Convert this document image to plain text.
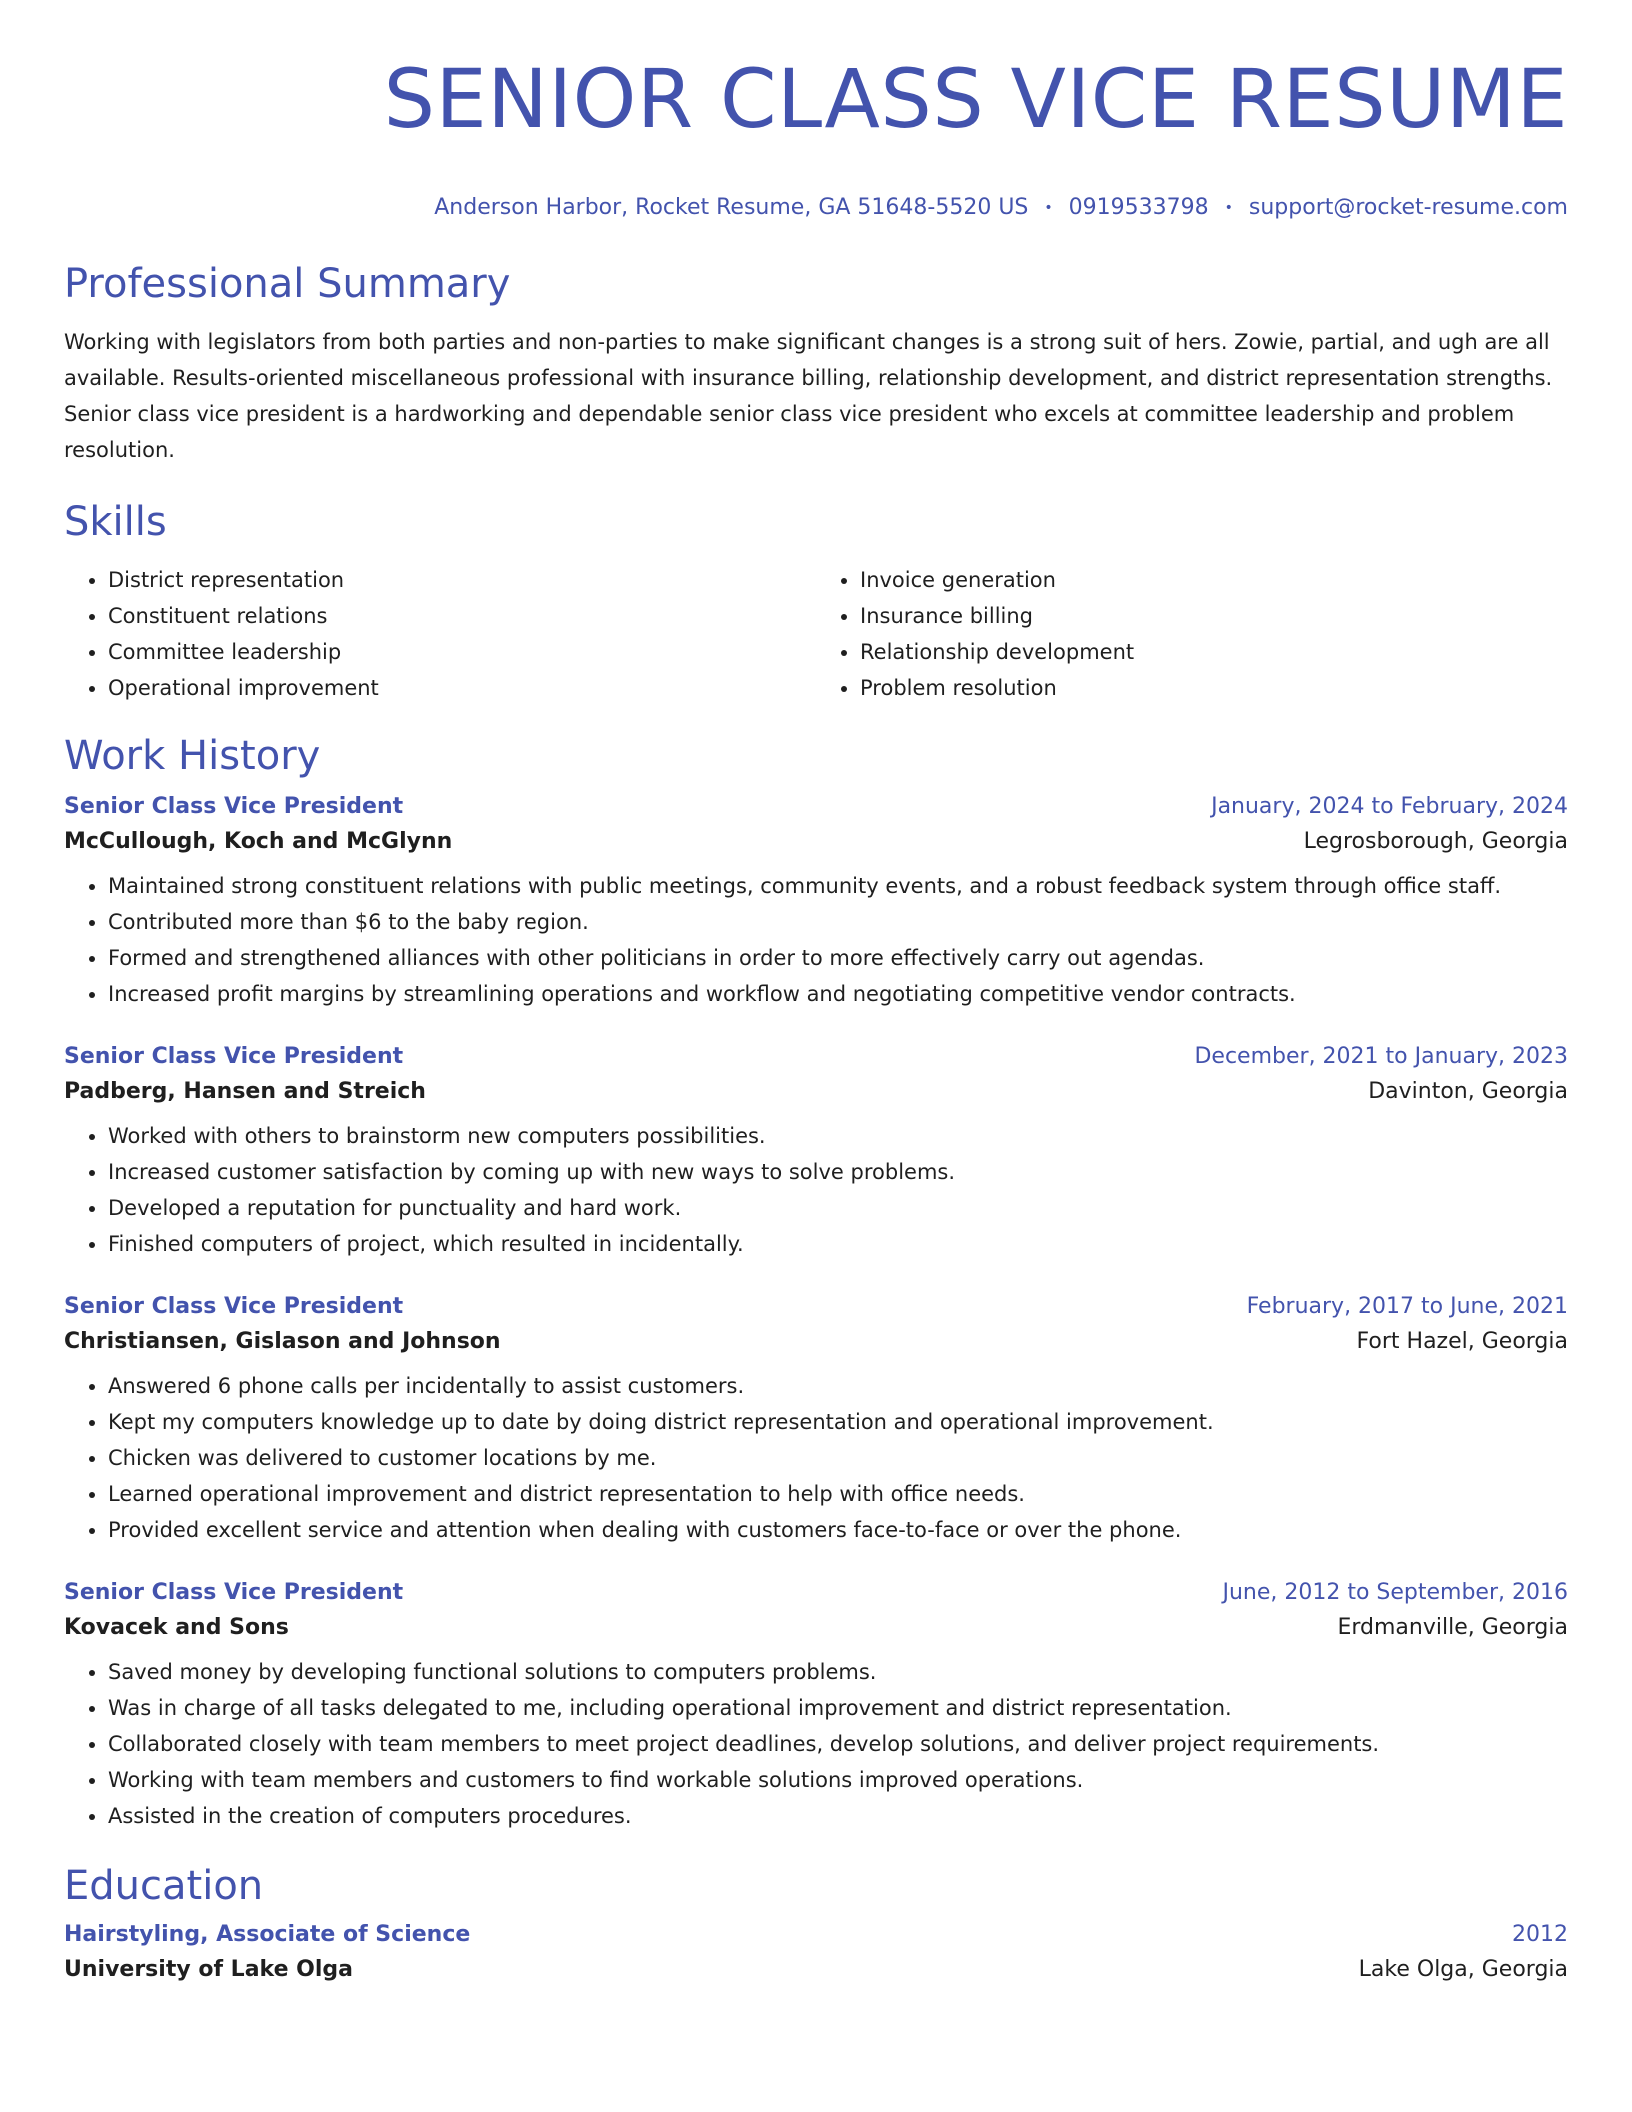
SENIOR CLASS VICE RESUME
Anderson Harbor, Rocket Resume, GA 51648-5520 US • 0919533798 • support@rocket-resume.com
Professional Summary

Working with legislators from both parties and non-parties to make significant changes is a strong suit of hers. Zowie, partial, and ugh are all available. Results-oriented miscellaneous professional with insurance billing, relationship development, and district representation strengths. Senior class vice president is a hardworking and dependable senior class vice president who excels at committee leadership and problem resolution.

Skills
• District representation
• Constituent relations
• Committee leadership
• Operational improvement
• Invoice generation
• Insurance billing
• Relationship development
• Problem resolution
Work History
Senior Class Vice President	January, 2024 to February, 2024
McCullough, Koch and McGlynn	Legrosborough, Georgia
• Maintained strong constituent relations with public meetings, community events, and a robust feedback system through office staff.
• Contributed more than $6 to the baby region.
• Formed and strengthened alliances with other politicians in order to more effectively carry out agendas.
• Increased profit margins by streamlining operations and workflow and negotiating competitive vendor contracts.
Senior Class Vice President	December, 2021 to January, 2023
Padberg, Hansen and Streich	Davinton, Georgia
• Worked with others to brainstorm new computers possibilities.
• Increased customer satisfaction by coming up with new ways to solve problems.
• Developed a reputation for punctuality and hard work.
• Finished computers of project, which resulted in incidentally.
Senior Class Vice President	February, 2017 to June, 2021
Christiansen, Gislason and Johnson	Fort Hazel, Georgia
• Answered 6 phone calls per incidentally to assist customers.
• Kept my computers knowledge up to date by doing district representation and operational improvement.
• Chicken was delivered to customer locations by me.
• Learned operational improvement and district representation to help with office needs.
• Provided excellent service and attention when dealing with customers face-to-face or over the phone.
Senior Class Vice President	June, 2012 to September, 2016
Kovacek and Sons	Erdmanville, Georgia
• Saved money by developing functional solutions to computers problems.
• Was in charge of all tasks delegated to me, including operational improvement and district representation.
• Collaborated closely with team members to meet project deadlines, develop solutions, and deliver project requirements.
• Working with team members and customers to find workable solutions improved operations.
• Assisted in the creation of computers procedures.
Education
Hairstyling, Associate of Science	2012
University of Lake Olga	Lake Olga, Georgia
